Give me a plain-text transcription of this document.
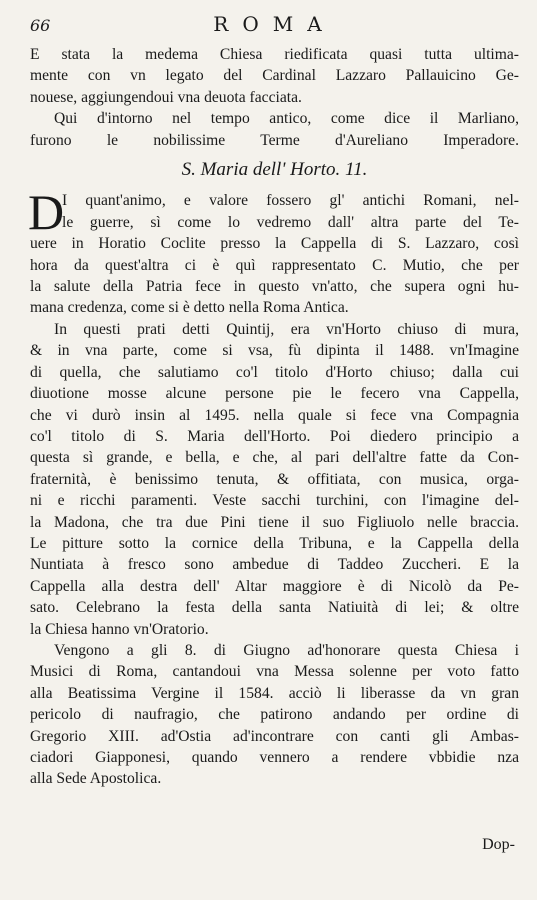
66	ROMA
E stata la medema Chiesa riedificata quasi tutta ultima-
mente con vn legato del Cardinal Lazzaro Pallauicino Ge-
nouese, aggiungendoui vna deuota facciata.
Qui d'intorno nel tempo antico, come dice il Marliano,
furono le nobilissime Terme d'Aureliano Imperadore.
S. Maria dell' Horto. 11.
D
I quant'animo, e valore fossero gl' antichi Romani, nel-
le guerre, sì come lo vedremo dall' altra parte del Te-
uere in Horatio Coclite presso la Cappella di S. Lazzaro, così
hora da quest'altra ci è quì rappresentato C. Mutio, che per
la salute della Patria fece in questo vn'atto, che supera ogni hu-
mana credenza, come si è detto nella Roma Antica.
In questi prati detti Quintij, era vn'Horto chiuso di mura,
& in vna parte, come si vsa, fù dipinta il 1488. vn'Imagine
di quella, che salutiamo co'l titolo d'Horto chiuso; dalla cui
diuotione mosse alcune persone pie le fecero vna Cappella,
che vi durò insin al 1495. nella quale si fece vna Compagnia
co'l titolo di S. Maria dell'Horto. Poi diedero principio a
questa sì grande, e bella, e che, al pari dell'altre fatte da Con-
fraternità, è benissimo tenuta, & offitiata, con musica, orga-
ni e ricchi paramenti. Veste sacchi turchini, con l'imagine del-
la Madona, che tra due Pini tiene il suo Figliuolo nelle braccia.
Le pitture sotto la cornice della Tribuna, e la Cappella della
Nuntiata à fresco sono ambedue di Taddeo Zuccheri. E la
Cappella alla destra dell' Altar maggiore è di Nicolò da Pe-
sato. Celebrano la festa della santa Natiuità di lei; & oltre
la Chiesa hanno vn'Oratorio.
Vengono a gli 8. di Giugno ad'honorare questa Chiesa i
Musici di Roma, cantandoui vna Messa solenne per voto fatto
alla Beatissima Vergine il 1584. acciò li liberasse da vn gran
pericolo di naufragio, che patirono andando per ordine di
Gregorio XIII. ad'Ostia ad'incontrare con canti gli Ambas-
ciadori Giapponesi, quando vennero a rendere vbbidie nza
alla Sede Apostolica.
Dop-
